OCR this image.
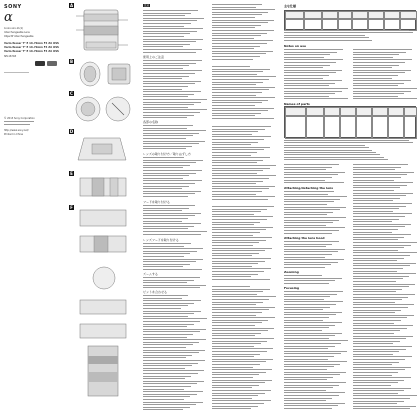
SONY
α
4-xxx-xxx-11(1)
Interchangeable Lens
Objectif interchangeable
Vario-Tessar T* E 16-70mm F4 ZA OSS
Vario-Tessar T* E 16-70mm F4 ZA OSS
Vario-Tessar T* E 16-70mm F4 ZA OSS
SEL1670Z
© 2013 Sony Corporation
http://www.sony.net/
Printed in China
A
B
C
D
E
F
注意
使用上のご注意
各部の名称
レンズの取り付け方／取りはずし方
フードを取り付ける
レンズフードを取り付ける
ズームする
ピントを合わせる
主な仕様
Notes on use
Names of parts
Attaching/detaching the lens
Attaching the lens hood
Zooming
Focusing
